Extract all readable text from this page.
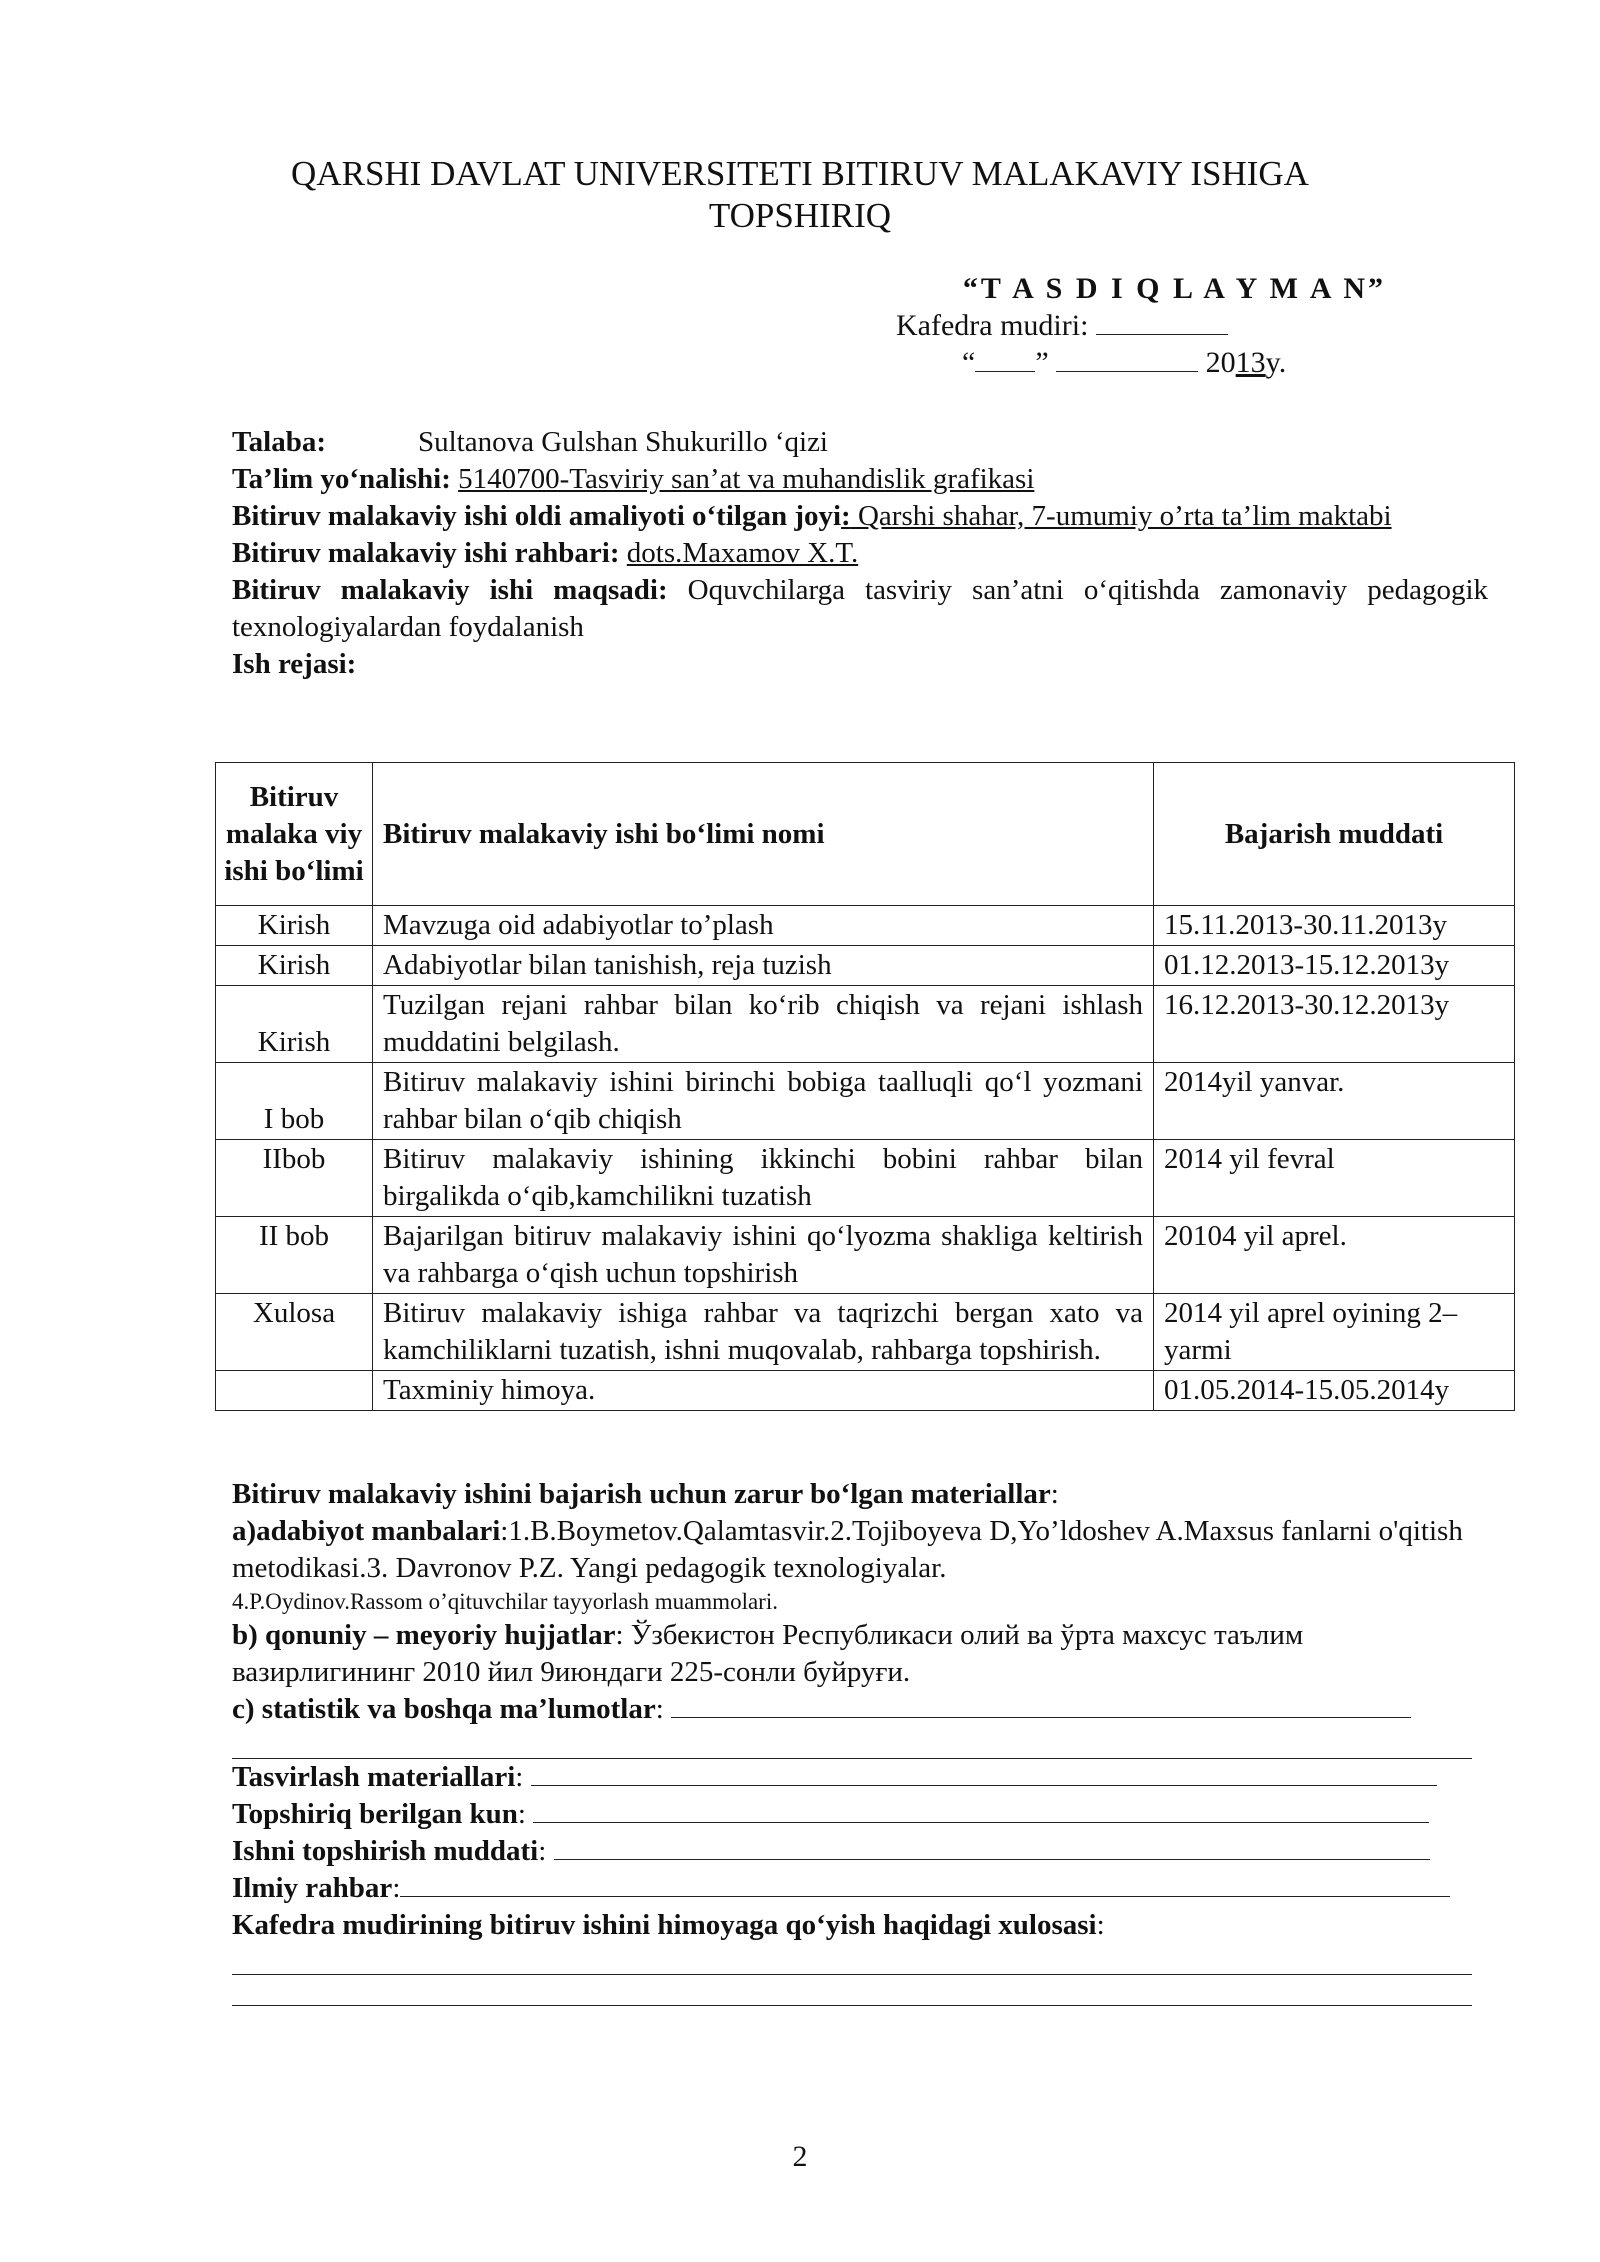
QARSHI DAVLAT UNIVERSITETI BITIRUV MALAKAVIY ISHIGA
TOPSHIRIQ
“T A S D I Q L A Y M A N”
Kafedra mudiri:
“ ”	2013y.

Talaba:	Sultanova Gulshan Shukurillo ‘qizi

Ta’lim yo‘nalishi: 5140700-Tasviriy san’at va muhandislik grafikasi

Bitiruv malakaviy ishi oldi amaliyoti o‘tilgan joyi: Qarshi shahar, 7-umumiy o’rta ta’lim maktabi

Bitiruv malakaviy ishi rahbari: dots.Maxamov X.T.

Bitiruv malakaviy ishi maqsadi: Oquvchilarga tasviriy san’atni o‘qitishda zamonaviy pedagogik texnologiyalardan foydalanish

Ish rejasi:

Bitiruv malaka viy ishi bo‘limi	Bitiruv malakaviy ishi bo‘limi nomi	Bajarish muddati
Kirish	Mavzuga oid adabiyotlar to’plash	15.11.2013-30.11.2013y
Kirish	Adabiyotlar bilan tanishish, reja tuzish	01.12.2013-15.12.2013y
Kirish	Tuzilgan rejani rahbar bilan ko‘rib chiqish va rejani ishlash muddatini belgilash.	16.12.2013-30.12.2013y
I bob	Bitiruv malakaviy ishini birinchi bobiga taalluqli qo‘l yozmani rahbar bilan o‘qib chiqish	2014yil yanvar.
IIbob	Bitiruv malakaviy ishining ikkinchi bobini rahbar bilan birgalikda o‘qib,kamchilikni tuzatish	2014 yil fevral
II bob	Bajarilgan bitiruv malakaviy ishini qo‘lyozma shakliga keltirish va rahbarga o‘qish uchun topshirish	20104 yil aprel.
Xulosa	Bitiruv malakaviy ishiga rahbar va taqrizchi bergan xato va kamchiliklarni tuzatish, ishni muqovalab, rahbarga topshirish.	2014 yil aprel oyining 2–yarmi
	Taxminiy himoya.	01.05.2014-15.05.2014y

Bitiruv malakaviy ishini bajarish uchun zarur bo‘lgan materiallar:

a)adabiyot manbalari:1.B.Boymetov.Qalamtasvir.2.Tojiboyeva D,Yo’ldoshev A.Maxsus fanlarni o'qitish metodikasi.3. Davronov P.Z. Yangi pedagogik texnologiyalar.

4.P.Oydinov.Rassom o’qituvchilar tayyorlash muammolari.

b) qonuniy – meyoriy hujjatlar: Ўзбекистон Республикаси олий ва ўрта махсус таълим вазирлигининг 2010 йил 9июндаги 225-сонли буйруғи.

c) statistik va boshqa ma’lumotlar:

Tasvirlash materiallari:

Topshiriq berilgan kun:

Ishni topshirish muddati:

Ilmiy rahbar:

Kafedra mudirining bitiruv ishini himoyaga qo‘yish haqidagi xulosasi:

2
